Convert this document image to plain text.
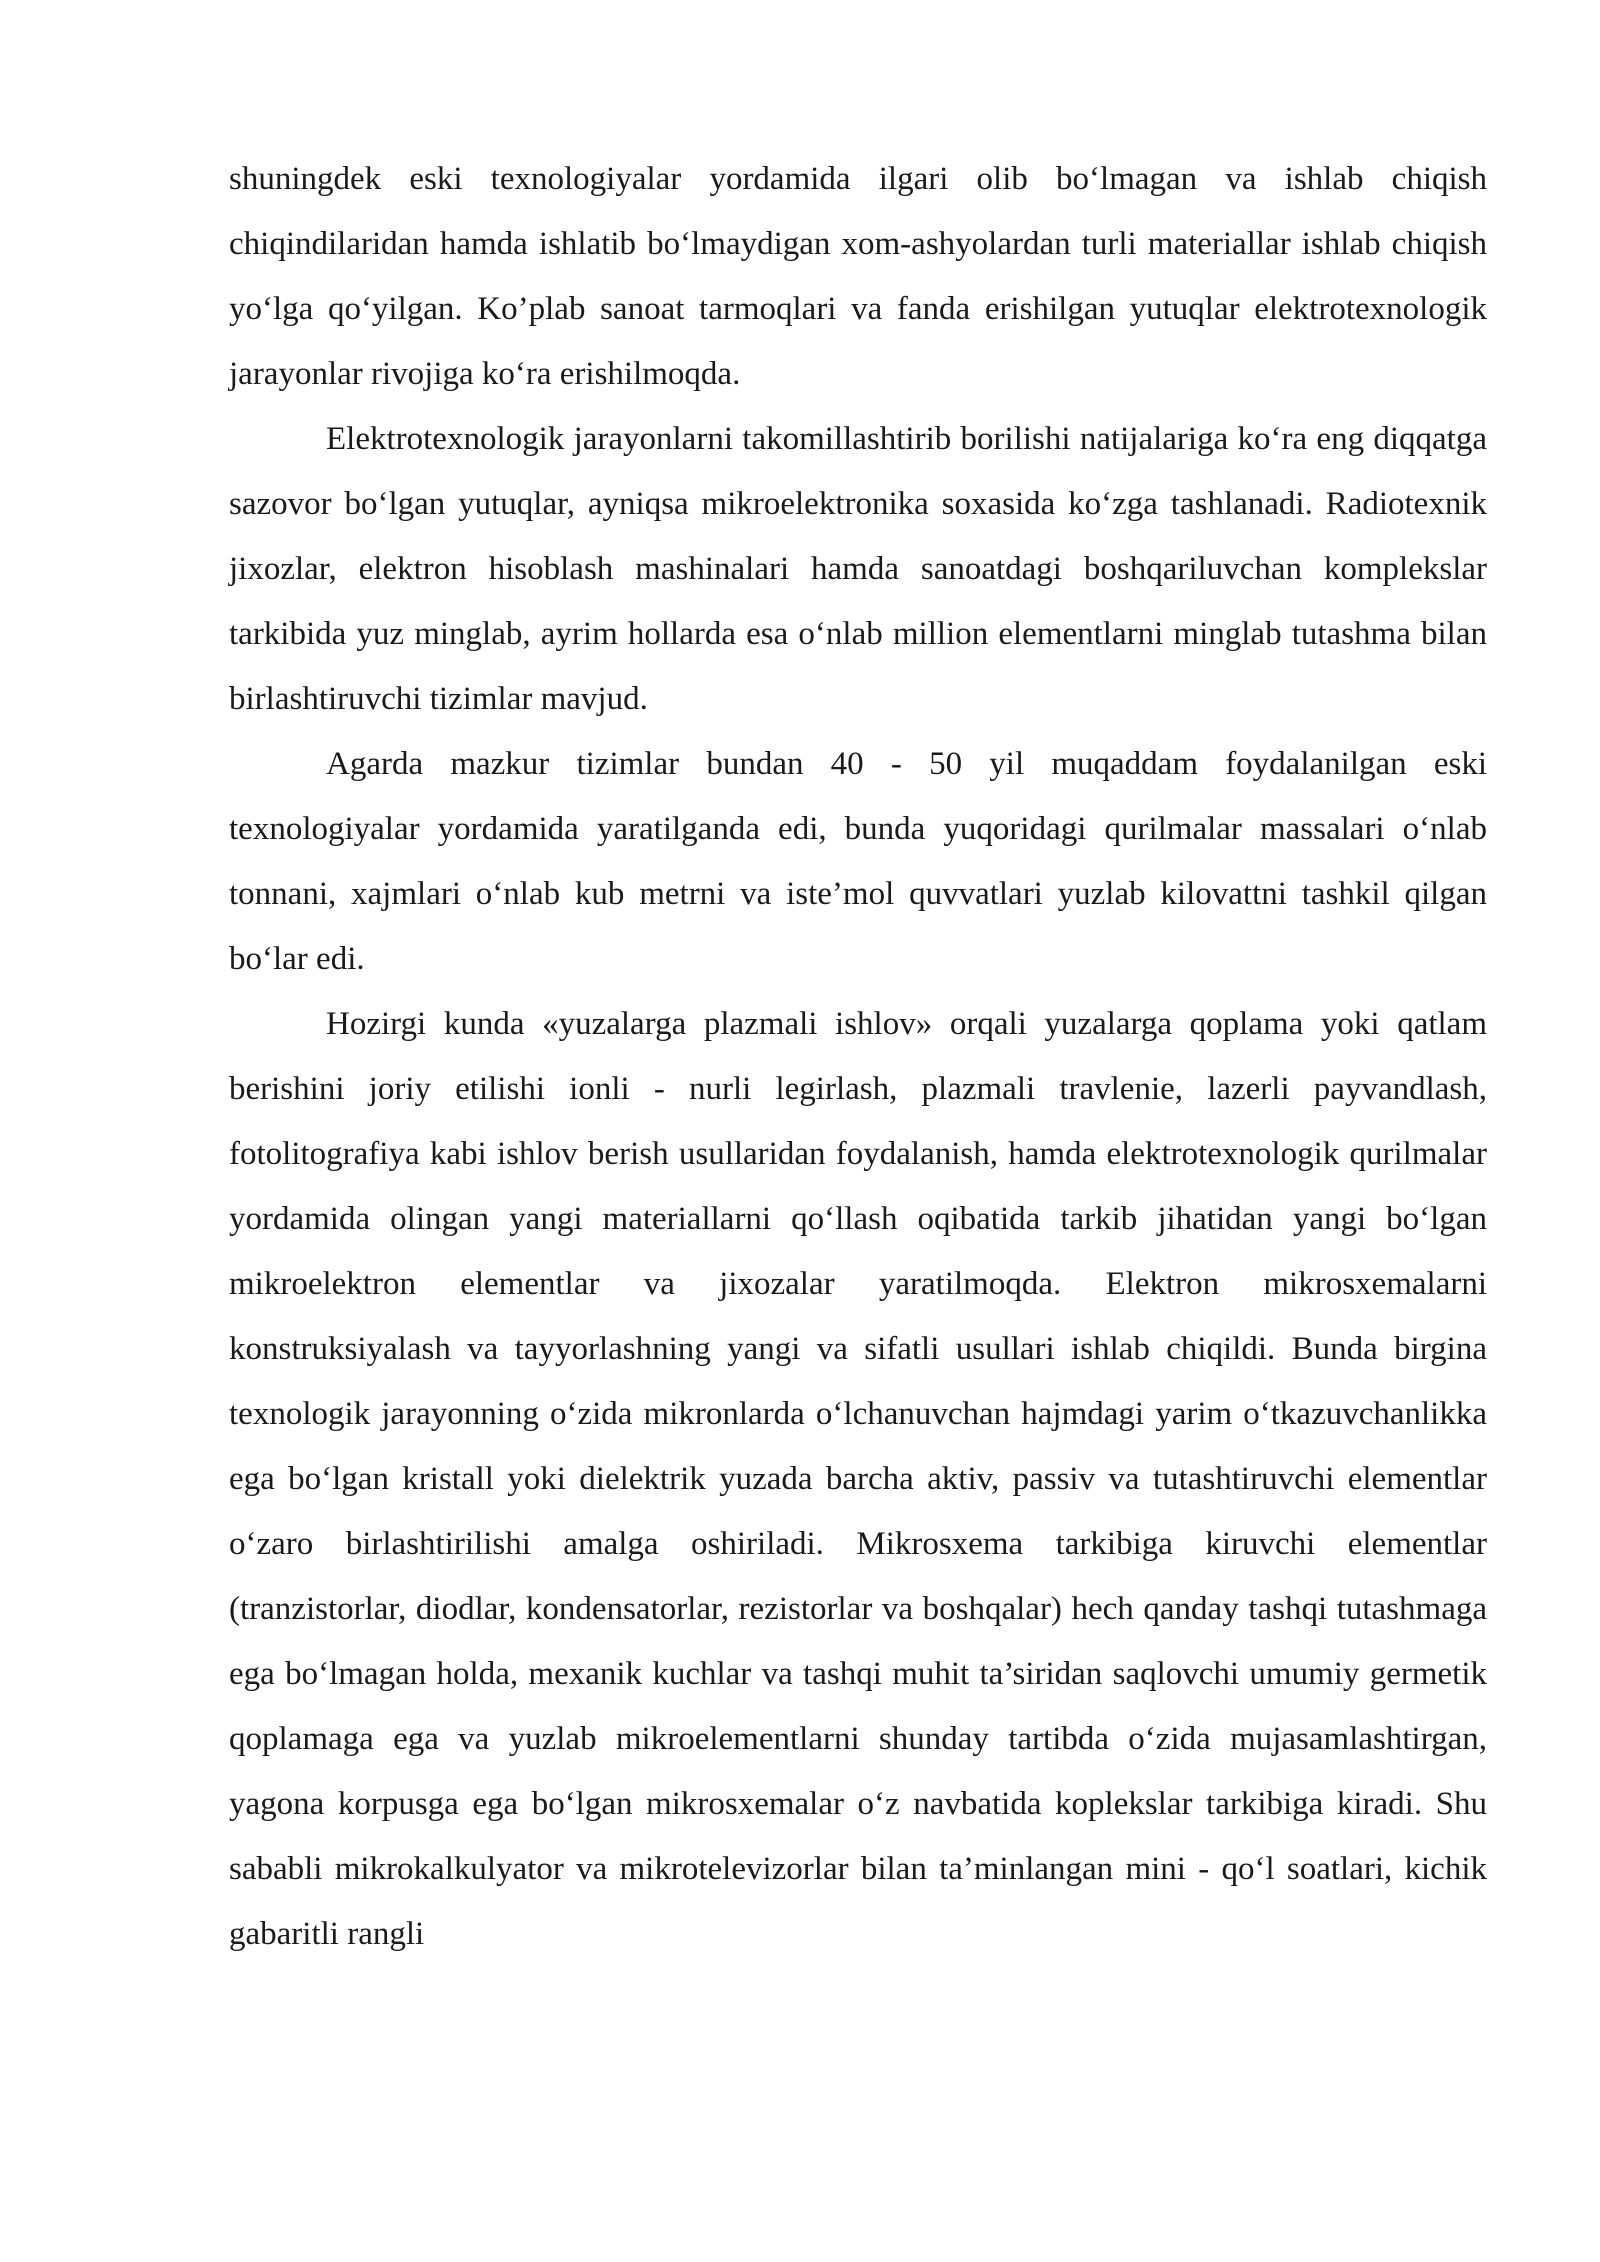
shuningdek eski texnologiyalar yordamida ilgari olib bo‘lmagan va ishlab chiqish chiqindilaridan hamda ishlatib bo‘lmaydigan xom-ashyolardan turli materiallar ishlab chiqish yo‘lga qo‘yilgan. Ko’plab sanoat tarmoqlari va fanda erishilgan yutuqlar elektrotexnologik jarayonlar rivojiga ko‘ra erishilmoqda.

Elektrotexnologik jarayonlarni takomillashtirib borilishi natijalariga ko‘ra eng diqqatga sazovor bo‘lgan yutuqlar, ayniqsa mikroelektronika soxasida ko‘zga tashlanadi. Radiotexnik jixozlar, elektron hisoblash mashinalari hamda sanoatdagi boshqariluvchan komplekslar tarkibida yuz minglab, ayrim hollarda esa o‘nlab million elementlarni minglab tutashma bilan birlashtiruvchi tizimlar mavjud.

Agarda mazkur tizimlar bundan 40 - 50 yil muqaddam foydalanilgan eski texnologiyalar yordamida yaratilganda edi, bunda yuqoridagi qurilmalar massalari o‘nlab tonnani, xajmlari o‘nlab kub metrni va iste’mol quvvatlari yuzlab kilovattni tashkil qilgan bo‘lar edi.

Hozirgi kunda «yuzalarga plazmali ishlov» orqali yuzalarga qoplama yoki qatlam berishini joriy etilishi ionli - nurli legirlash, plazmali travlenie, lazerli payvandlash, fotolitografiya kabi ishlov berish usullaridan foydalanish, hamda elektrotexnologik qurilmalar yordamida olingan yangi materiallarni qo‘llash oqibatida tarkib jihatidan yangi bo‘lgan mikroelektron elementlar va jixozalar yaratilmoqda. Elektron mikrosxemalarni konstruksiyalash va tayyorlashning yangi va sifatli usullari ishlab chiqildi. Bunda birgina texnologik jarayonning o‘zida mikronlarda o‘lchanuvchan hajmdagi yarim o‘tkazuvchanlikka ega bo‘lgan kristall yoki dielektrik yuzada barcha aktiv, passiv va tutashtiruvchi elementlar o‘zaro birlashtirilishi amalga oshiriladi. Mikrosxema tarkibiga kiruvchi elementlar (tranzistorlar, diodlar, kondensatorlar, rezistorlar va boshqalar) hech qanday tashqi tutashmaga ega bo‘lmagan holda, mexanik kuchlar va tashqi muhit ta’siridan saqlovchi umumiy germetik qoplamaga ega va yuzlab mikroelementlarni shunday tartibda o‘zida mujasamlashtirgan, yagona korpusga ega bo‘lgan mikrosxemalar o‘z navbatida koplekslar tarkibiga kiradi. Shu sababli mikrokalkulyator va mikrotelevizorlar bilan ta’minlangan mini - qo‘l soatlari, kichik gabaritli rangli
